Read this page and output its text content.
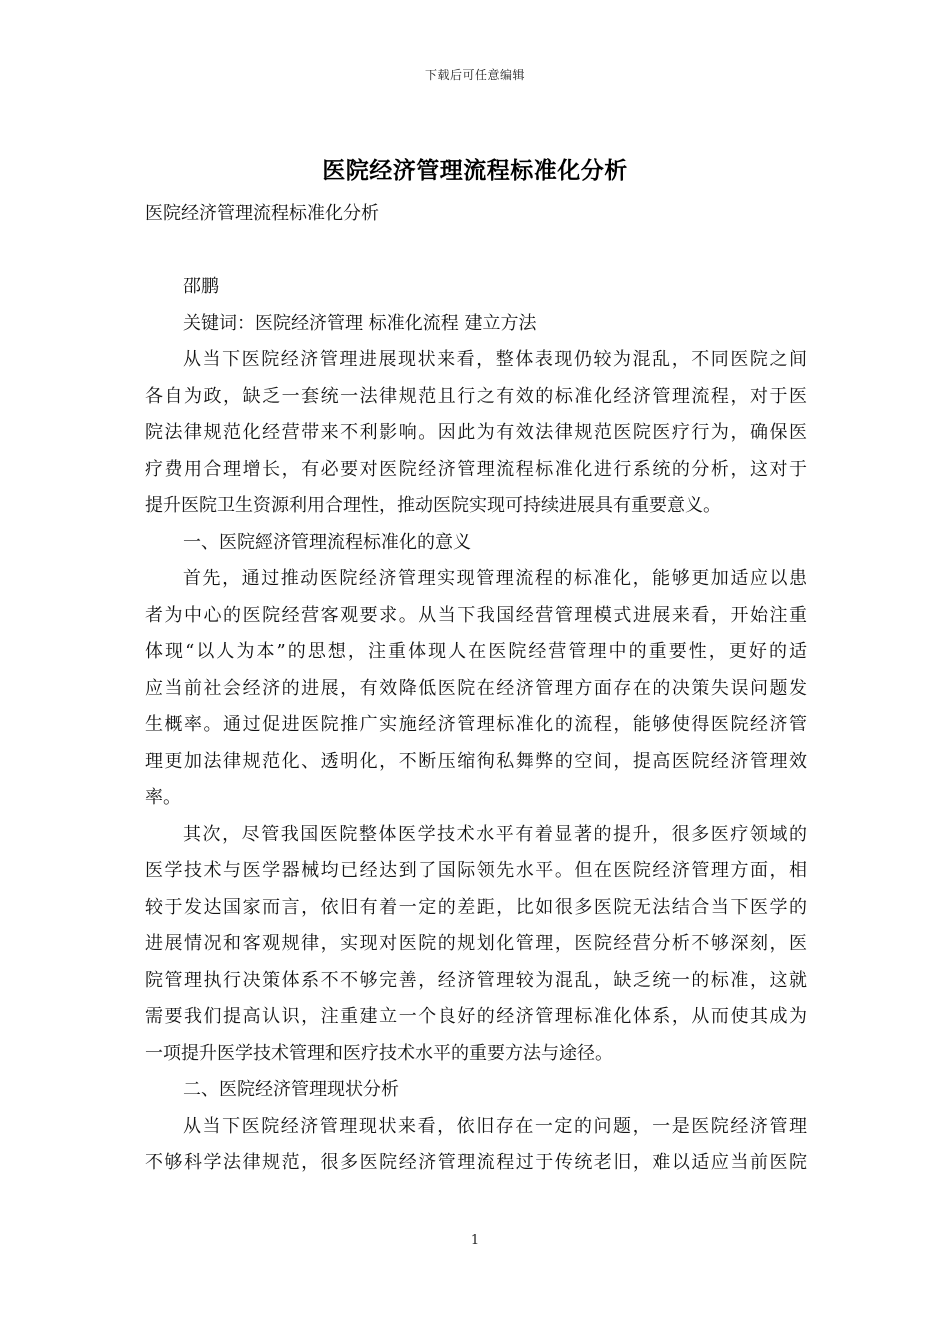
下载后可任意编辑
医院经济管理流程标准化分析

医院经济管理流程标准化分析

邵鹏

关键词：医院经济管理 标准化流程 建立方法

从当下医院经济管理进展现状来看，整体表现仍较为混乱，不同医院之间

各自为政，缺乏一套统一法律规范且行之有效的标准化经济管理流程，对于医

院法律规范化经营带来不利影响。因此为有效法律规范医院医疗行为，确保医

疗费用合理增长，有必要对医院经济管理流程标准化进行系统的分析，这对于

提升医院卫生资源利用合理性，推动医院实现可持续进展具有重要意义。

一、医院經济管理流程标准化的意义

首先，通过推动医院经济管理实现管理流程的标准化，能够更加适应以患

者为中心的医院经营客观要求。从当下我国经营管理模式进展来看，开始注重

体现“以人为本”的思想，注重体现人在医院经营管理中的重要性，更好的适

应当前社会经济的进展，有效降低医院在经济管理方面存在的决策失误问题发

生概率。通过促进医院推广实施经济管理标准化的流程，能够使得医院经济管

理更加法律规范化、透明化，不断压缩徇私舞弊的空间，提高医院经济管理效

率。

其次，尽管我国医院整体医学技术水平有着显著的提升，很多医疗领域的

医学技术与医学器械均已经达到了国际领先水平。但在医院经济管理方面，相

较于发达国家而言，依旧有着一定的差距，比如很多医院无法结合当下医学的

进展情况和客观规律，实现对医院的规划化管理，医院经营分析不够深刻，医

院管理执行决策体系不不够完善，经济管理较为混乱，缺乏统一的标准，这就

需要我们提高认识，注重建立一个良好的经济管理标准化体系，从而使其成为

一项提升医学技术管理和医疗技术水平的重要方法与途径。

二、医院经济管理现状分析

从当下医院经济管理现状来看，依旧存在一定的问题，一是医院经济管理

不够科学法律规范，很多医院经济管理流程过于传统老旧，难以适应当前医院

1
